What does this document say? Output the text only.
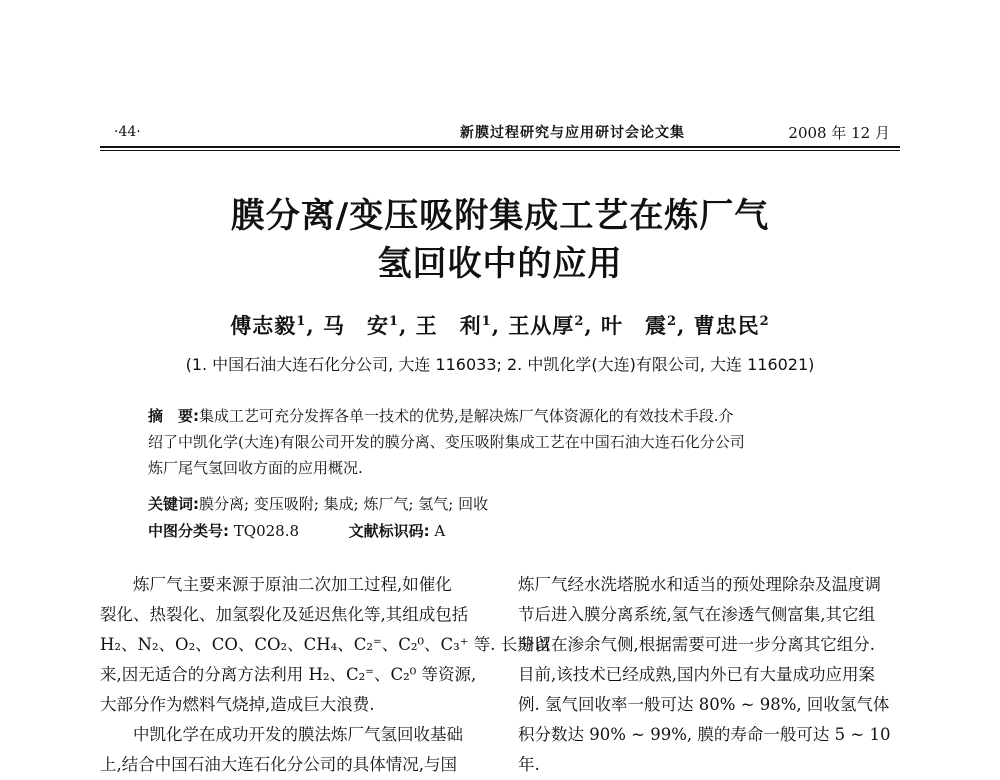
·44·	新膜过程研究与应用研讨会论文集	2008 年 12 月
膜分离/变压吸附集成工艺在炼厂气
氢回收中的应用
傅志毅$^1$, 马　安$^1$, 王　利$^1$, 王从厚$^2$, 叶　震$^2$, 曹忠民$^2$
(1. 中国石油大连石化分公司, 大连 116033; 2. 中凯化学(大连)有限公司, 大连 116021)
摘　要:集成工艺可充分发挥各单一技术的优势,是解决炼厂气体资源化的有效技术手段.介
绍了中凯化学(大连)有限公司开发的膜分离、变压吸附集成工艺在中国石油大连石化分公司
炼厂尾气氢回收方面的应用概况.
关键词:膜分离; 变压吸附; 集成; 炼厂气; 氢气; 回收
中图分类号: TQ028.8	文献标识码: A
炼厂气主要来源于原油二次加工过程,如催化
裂化、热裂化、加氢裂化及延迟焦化等,其组成包括
H₂、N₂、O₂、CO、CO₂、CH₄、C₂⁼、C₂⁰、C₃⁺ 等. 长期以
来,因无适合的分离方法利用 H₂、C₂⁼、C₂⁰ 等资源,
大部分作为燃料气烧掉,造成巨大浪费.
中凯化学在成功开发的膜法炼厂气氢回收基础
上,结合中国石油大连石化分公司的具体情况,与国
炼厂气经水洗塔脱水和适当的预处理除杂及温度调
节后进入膜分离系统,氢气在渗透气侧富集,其它组
分留在渗余气侧,根据需要可进一步分离其它组分.
目前,该技术已经成熟,国内外已有大量成功应用案
例. 氢气回收率一般可达 80% ~ 98%, 回收氢气体
积分数达 90% ~ 99%, 膜的寿命一般可达 5 ~ 10
年.
